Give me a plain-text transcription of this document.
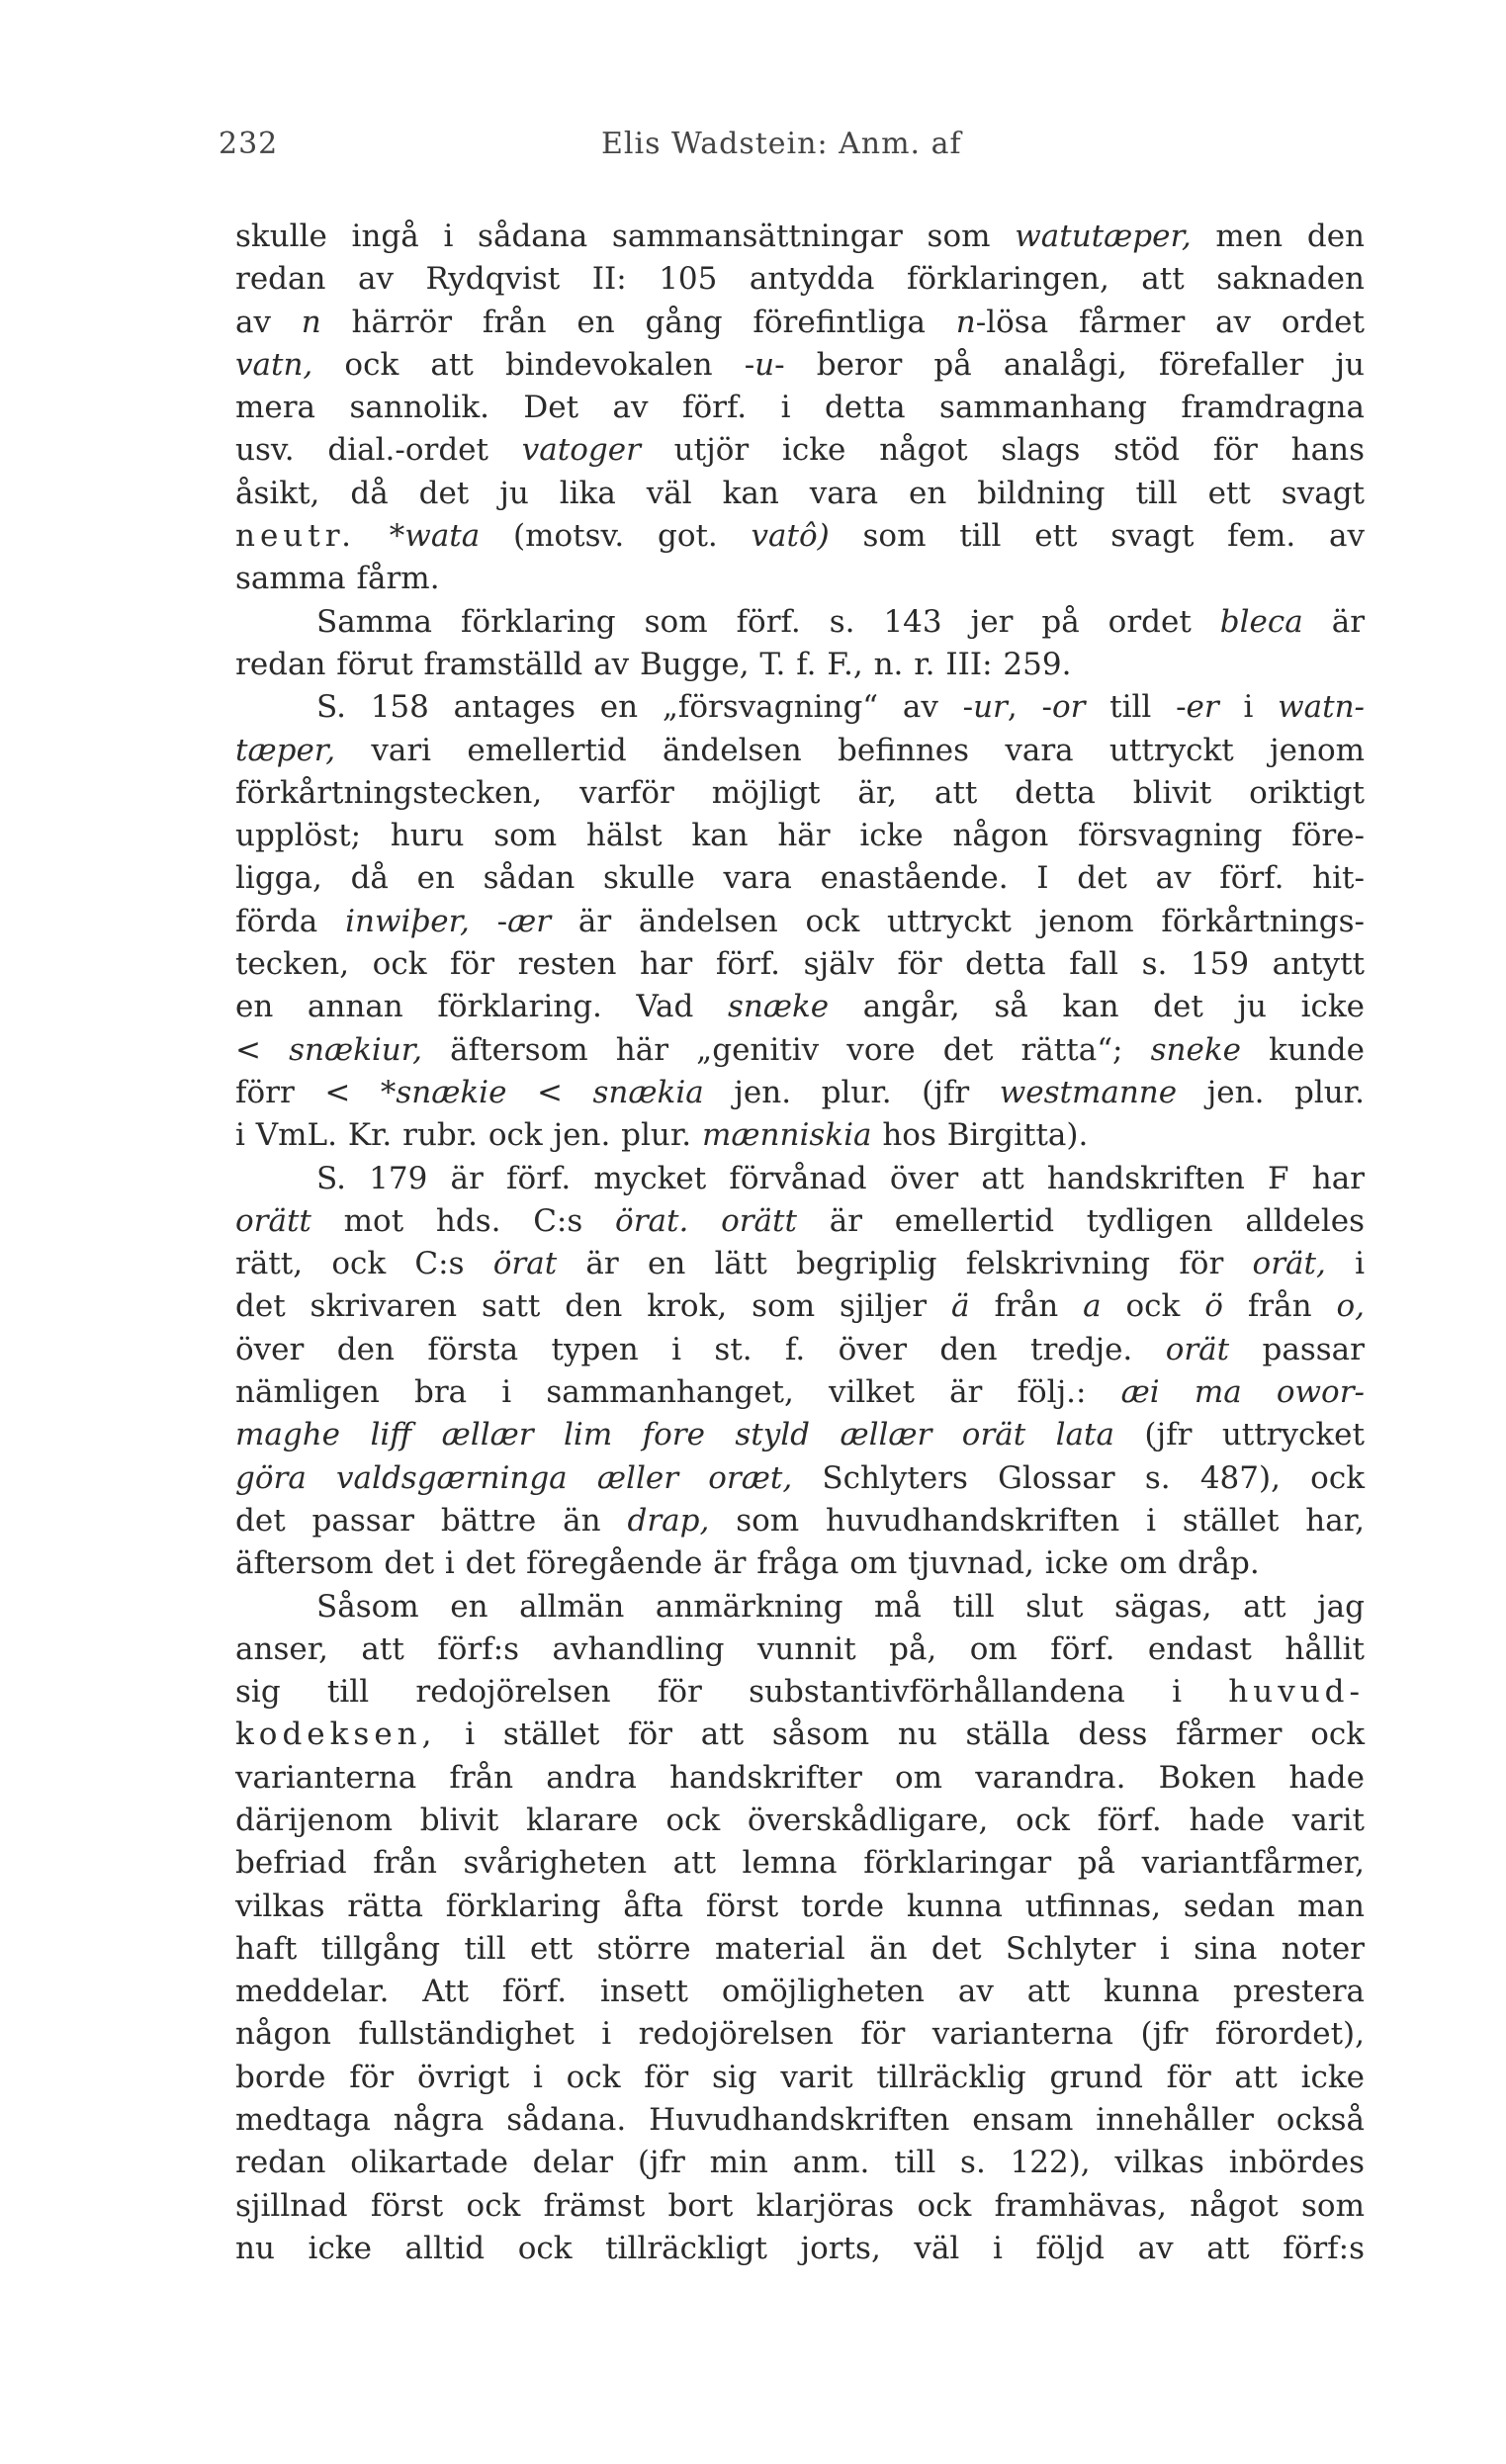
232	Elis Wadstein: Anm. af
skulle ingå i sådana sammansättningar som watutæper, men den
redan av Rydqvist II: 105 antydda förklaringen, att saknaden
av n härrör från en gång förefintliga n-lösa fårmer av ordet
vatn, ock att bindevokalen -u- beror på analågi, förefaller ju
mera sannolik. Det av förf. i detta sammanhang framdragna
usv. dial.-ordet vatoger utjör icke något slags stöd för hans
åsikt, då det ju lika väl kan vara en bildning till ett svagt
neutr. *wata (motsv. got. vatô) som till ett svagt fem. av
samma fårm.
Samma förklaring som förf. s. 143 jer på ordet bleca är
redan förut framställd av Bugge, T. f. F., n. r. III: 259.
S. 158 antages en „försvagning“ av -ur, -or till -er i watn-
tæper, vari emellertid ändelsen befinnes vara uttryckt jenom
förkårtningstecken, varför möjligt är, att detta blivit oriktigt
upplöst; huru som hälst kan här icke någon försvagning före-
ligga, då en sådan skulle vara enastående. I det av förf. hit-
förda inwiþer, -ær är ändelsen ock uttryckt jenom förkårtnings-
tecken, ock för resten har förf. själv för detta fall s. 159 antytt
en annan förklaring. Vad snæke angår, så kan det ju icke
< snækiur, äftersom här „genitiv vore det rätta“; sneke kunde
förr < *snækie < snækia jen. plur. (jfr westmanne jen. plur.
i VmL. Kr. rubr. ock jen. plur. mænniskia hos Birgitta).
S. 179 är förf. mycket förvånad över att handskriften F har
orätt mot hds. C:s örat. orätt är emellertid tydligen alldeles
rätt, ock C:s örat är en lätt begriplig felskrivning för orät, i
det skrivaren satt den krok, som sjiljer ä från a ock ö från o,
över den första typen i st. f. över den tredje. orät passar
nämligen bra i sammanhanget, vilket är följ.: æi ma owor-
maghe liff ællær lim fore styld ællær orät lata (jfr uttrycket
göra valdsgærninga æller oræt, Schlyters Glossar s. 487), ock
det passar bättre än drap, som huvudhandskriften i stället har,
äftersom det i det föregående är fråga om tjuvnad, icke om dråp.
Såsom en allmän anmärkning må till slut sägas, att jag
anser, att förf:s avhandling vunnit på, om förf. endast hållit
sig till redojörelsen för substantivförhållandena i huvud-
kodeksen, i stället för att såsom nu ställa dess fårmer ock
varianterna från andra handskrifter om varandra. Boken hade
därijenom blivit klarare ock överskådligare, ock förf. hade varit
befriad från svårigheten att lemna förklaringar på variantfårmer,
vilkas rätta förklaring åfta först torde kunna utfinnas, sedan man
haft tillgång till ett större material än det Schlyter i sina noter
meddelar. Att förf. insett omöjligheten av att kunna prestera
någon fullständighet i redojörelsen för varianterna (jfr förordet),
borde för övrigt i ock för sig varit tillräcklig grund för att icke
medtaga några sådana. Huvudhandskriften ensam innehåller också
redan olikartade delar (jfr min anm. till s. 122), vilkas inbördes
sjillnad först ock främst bort klarjöras ock framhävas, något som
nu icke alltid ock tillräckligt jorts, väl i följd av att förf:s
